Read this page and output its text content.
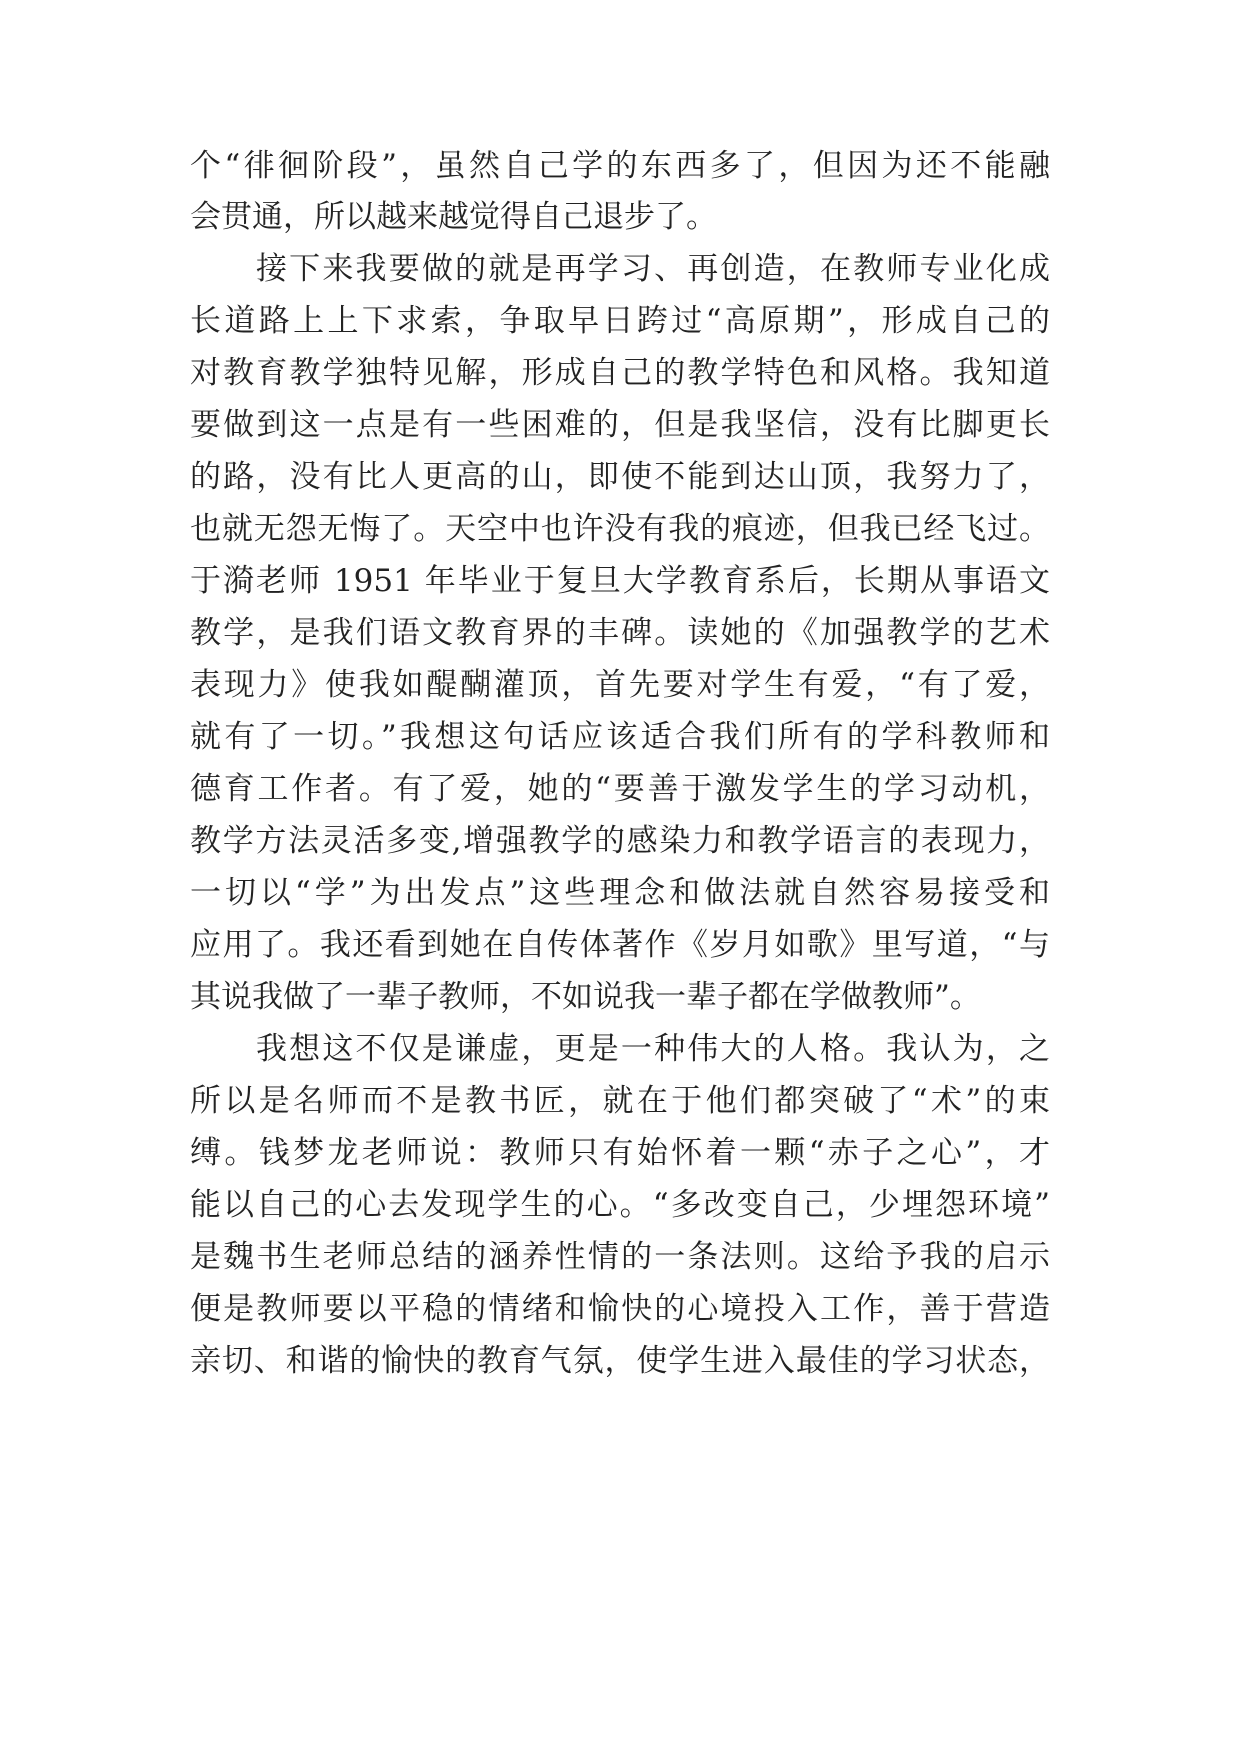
个“徘徊阶段”，虽然自己学的东西多了，但因为还不能融
会贯通，所以越来越觉得自己退步了。
接下来我要做的就是再学习、再创造，在教师专业化成
长道路上上下求索，争取早日跨过“高原期”，形成自己的
对教育教学独特见解，形成自己的教学特色和风格。我知道
要做到这一点是有一些困难的，但是我坚信，没有比脚更长
的路，没有比人更高的山，即使不能到达山顶，我努力了，
也就无怨无悔了。天空中也许没有我的痕迹，但我已经飞过。
于漪老师 1951 年毕业于复旦大学教育系后，长期从事语文
教学，是我们语文教育界的丰碑。读她的《加强教学的艺术
表现力》使我如醍醐灌顶，首先要对学生有爱，“有了爱，
就有了一切。”我想这句话应该适合我们所有的学科教师和
德育工作者。有了爱，她的“要善于激发学生的学习动机，
教学方法灵活多变,增强教学的感染力和教学语言的表现力，
一切以“学”为出发点”这些理念和做法就自然容易接受和
应用了。我还看到她在自传体著作《岁月如歌》里写道，“与
其说我做了一辈子教师，不如说我一辈子都在学做教师”。
我想这不仅是谦虚，更是一种伟大的人格。我认为，之
所以是名师而不是教书匠，就在于他们都突破了“术”的束
缚。钱梦龙老师说：教师只有始怀着一颗“赤子之心”，才
能以自己的心去发现学生的心。“多改变自己，少埋怨环境”
是魏书生老师总结的涵养性情的一条法则。这给予我的启示
便是教师要以平稳的情绪和愉快的心境投入工作，善于营造
亲切、和谐的愉快的教育气氛，使学生进入最佳的学习状态，
